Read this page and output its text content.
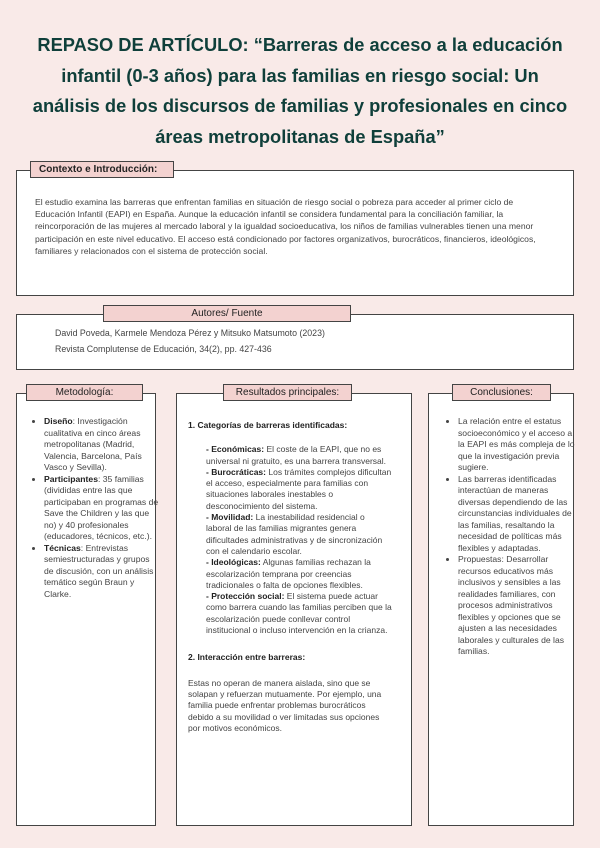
REPASO DE ARTÍCULO: “Barreras de acceso a la educación infantil (0-3 años) para las familias en riesgo social: Un análisis de los discursos de familias y profesionales en cinco áreas metropolitanas de España”

El estudio examina las barreras que enfrentan familias en situación de riesgo social o pobreza para acceder al primer ciclo de Educación Infantil (EAPI) en España. Aunque la educación infantil se considera fundamental para la conciliación familiar, la reincorporación de las mujeres al mercado laboral y la igualdad socioeducativa, los niños de familias vulnerables tienen una menor participación en este nivel educativo. El acceso está condicionado por factores organizativos, burocráticos, financieros, ideológicos, familiares y relacionados con el sistema de protección social.

Contexto e Introducción:
David Poveda, Karmele Mendoza Pérez y Mitsuko Matsumoto (2023)
Revista Complutense de Educación, 34(2), pp. 427-436
Autores/ Fuente
• Diseño: Investigación cualitativa en cinco áreas metropolitanas (Madrid, Valencia, Barcelona, País Vasco y Sevilla).
• Participantes: 35 familias (divididas entre las que participaban en programas de Save the Children y las que no) y 40 profesionales (educadores, técnicos, etc.).
• Técnicas: Entrevistas semiestructuradas y grupos de discusión, con un análisis temático según Braun y Clarke.
Metodología:

1. Categorías de barreras identificadas:

- Económicas: El coste de la EAPI, que no es universal ni gratuito, es una barrera transversal.

- Burocráticas: Los trámites complejos dificultan el acceso, especialmente para familias con situaciones laborales inestables o desconocimiento del sistema.

- Movilidad: La inestabilidad residencial o laboral de las familias migrantes genera dificultades administrativas y de sincronización con el calendario escolar.

- Ideológicas: Algunas familias rechazan la escolarización temprana por creencias tradicionales o falta de opciones flexibles.

- Protección social: El sistema puede actuar como barrera cuando las familias perciben que la escolarización puede conllevar control institucional o incluso intervención en la crianza.

2. Interacción entre barreras:

Estas no operan de manera aislada, sino que se solapan y refuerzan mutuamente. Por ejemplo, una familia puede enfrentar problemas burocráticos debido a su movilidad o ver limitadas sus opciones por motivos económicos.

Resultados principales:
• La relación entre el estatus socioeconómico y el acceso a la EAPI es más compleja de lo que la investigación previa sugiere.
• Las barreras identificadas interactúan de maneras diversas dependiendo de las circunstancias individuales de las familias, resaltando la necesidad de políticas más flexibles y adaptadas.
• Propuestas: Desarrollar recursos educativos más inclusivos y sensibles a las realidades familiares, con procesos administrativos flexibles y opciones que se ajusten a las necesidades laborales y culturales de las familias.
Conclusiones:
